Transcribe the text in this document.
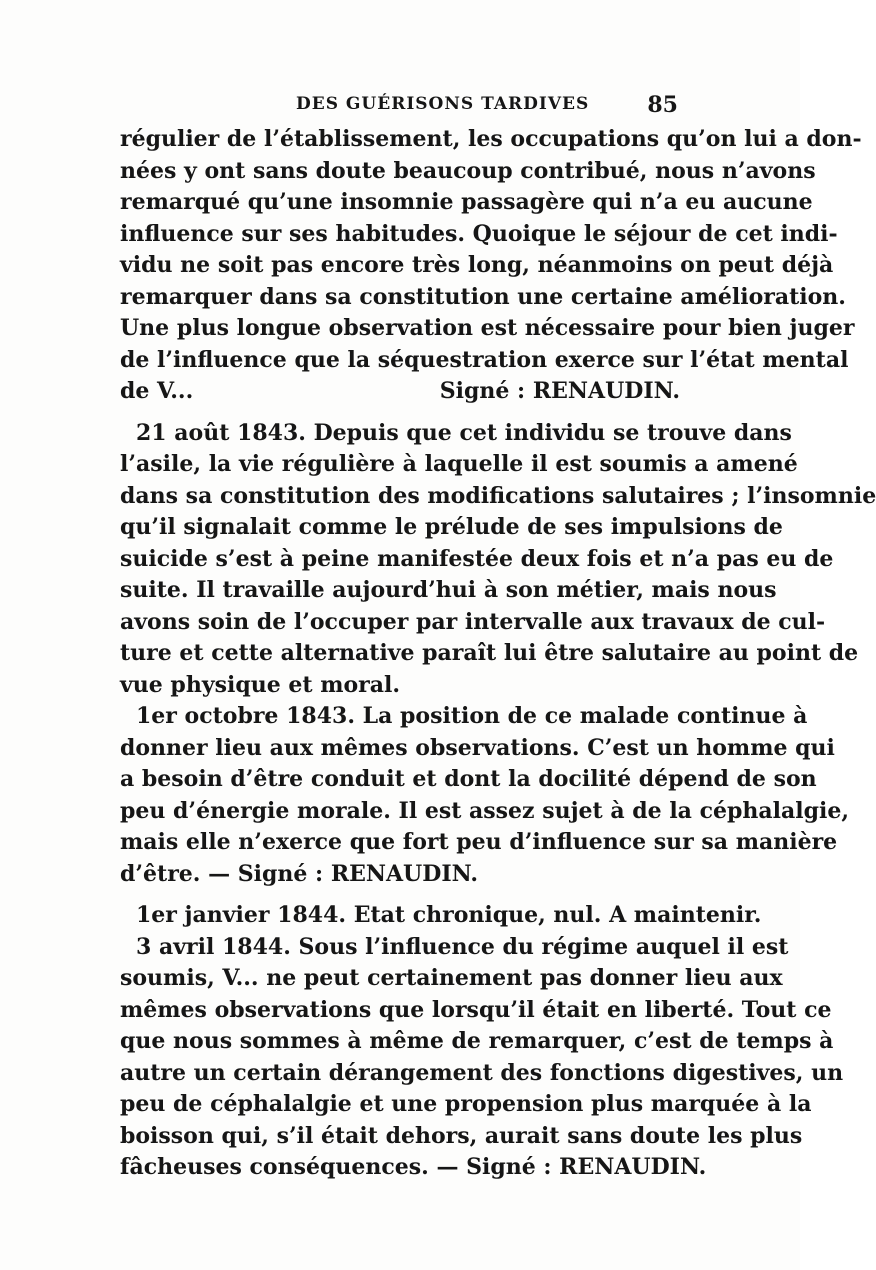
DES GUÉRISONS TARDIVES	85
régulier de l’établissement, les occupations qu’on lui a don-
nées y ont sans doute beaucoup contribué, nous n’avons
remarqué qu’une insomnie passagère qui n’a eu aucune
influence sur ses habitudes. Quoique le séjour de cet indi-
vidu ne soit pas encore très long, néanmoins on peut déjà
remarquer dans sa constitution une certaine amélioration.
Une plus longue observation est nécessaire pour bien juger
de l’influence que la séquestration exerce sur l’état mental
de V...	Signé : RENAUDIN.
21 août 1843. Depuis que cet individu se trouve dans
l’asile, la vie régulière à laquelle il est soumis a amené
dans sa constitution des modifications salutaires ; l’insomnie
qu’il signalait comme le prélude de ses impulsions de
suicide s’est à peine manifestée deux fois et n’a pas eu de
suite. Il travaille aujourd’hui à son métier, mais nous
avons soin de l’occuper par intervalle aux travaux de cul-
ture et cette alternative paraît lui être salutaire au point de
vue physique et moral.
1er octobre 1843. La position de ce malade continue à
donner lieu aux mêmes observations. C’est un homme qui
a besoin d’être conduit et dont la docilité dépend de son
peu d’énergie morale. Il est assez sujet à de la céphalalgie,
mais elle n’exerce que fort peu d’influence sur sa manière
d’être. — Signé : RENAUDIN.
1er janvier 1844. Etat chronique, nul. A maintenir.
3 avril 1844. Sous l’influence du régime auquel il est
soumis, V... ne peut certainement pas donner lieu aux
mêmes observations que lorsqu’il était en liberté. Tout ce
que nous sommes à même de remarquer, c’est de temps à
autre un certain dérangement des fonctions digestives, un
peu de céphalalgie et une propension plus marquée à la
boisson qui, s’il était dehors, aurait sans doute les plus
fâcheuses conséquences. — Signé : RENAUDIN.
